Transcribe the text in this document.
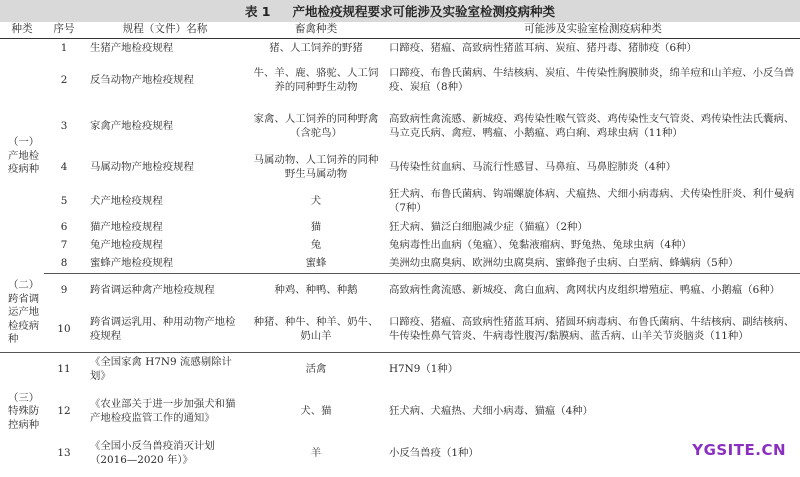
表 1 产地检疫规程要求可能涉及实验室检测疫病种类
种类	序号	规程（文件）名称	畜禽种类	可能涉及实验室检测疫病种类
（一）产地检疫病种	1	生猪产地检疫规程	猪、人工饲养的野猪	口蹄疫、猪瘟、高致病性猪蓝耳病、炭疽、猪丹毒、猪肺疫（6种）
	2	反刍动物产地检疫规程	牛、羊、鹿、骆驼、人工饲养的同种野生动物	口蹄疫、布鲁氏菌病、牛结核病、炭疽、牛传染性胸膜肺炎，绵羊痘和山羊痘、小反刍兽疫、炭疽（8种）
	3	家禽产地检疫规程	家禽、人工饲养的同种野禽（含驼鸟）	高致病性禽流感、新城疫、鸡传染性喉气管炎、鸡传染性支气管炎、鸡传染性法氏囊病、马立克氏病、禽痘、鸭瘟、小鹅瘟、鸡白痢、鸡球虫病（11种）
	4	马属动物产地检疫规程	马属动物、人工饲养的同种野生马属动物	马传染性贫血病、马流行性感冒、马鼻疽、马鼻腔肺炎（4种）
	5	犬产地检疫规程	犬	狂犬病、布鲁氏菌病、钩端螺旋体病、犬瘟热、犬细小病毒病、犬传染性肝炎、利什曼病（7种）
	6	猫产地检疫规程	猫	狂犬病、猫泛白细胞减少症（猫瘟）（2种）
	7	兔产地检疫规程	兔	兔病毒性出血病（兔瘟）、兔黏液瘤病、野兔热、兔球虫病（4种）
	8	蜜蜂产地检疫规程	蜜蜂	美洲幼虫腐臭病、欧洲幼虫腐臭病、蜜蜂孢子虫病、白垩病、蜂螨病（5种）
（二）跨省调运产地检疫病种	9	跨省调运种禽产地检疫规程	种鸡、种鸭、种鹅	高致病性禽流感、新城疫、禽白血病、禽网状内皮组织增殖症、鸭瘟、小鹅瘟（6种）
	10	跨省调运乳用、种用动物产地检疫规程	种猪、种牛、种羊、奶牛、奶山羊	口蹄疫、猪瘟、高致病性猪蓝耳病、猪圆环病毒病、布鲁氏菌病、牛结核病、副结核病、牛传染性鼻气管炎、牛病毒性腹泻/黏膜病、蓝舌病、山羊关节炎脑炎（11种）
（三）特殊防控病种	11	《全国家禽 H7N9 流感剔除计划》	活禽	H7N9（1种）
	12	《农业部关于进一步加强犬和猫产地检疫监管工作的通知》	犬、猫	狂犬病、犬瘟热、犬细小病毒、猫瘟（4种）
	13	《全国小反刍兽疫消灭计划（2016—2020 年）》	羊	小反刍兽疫（1种）	YGSITE.CN
